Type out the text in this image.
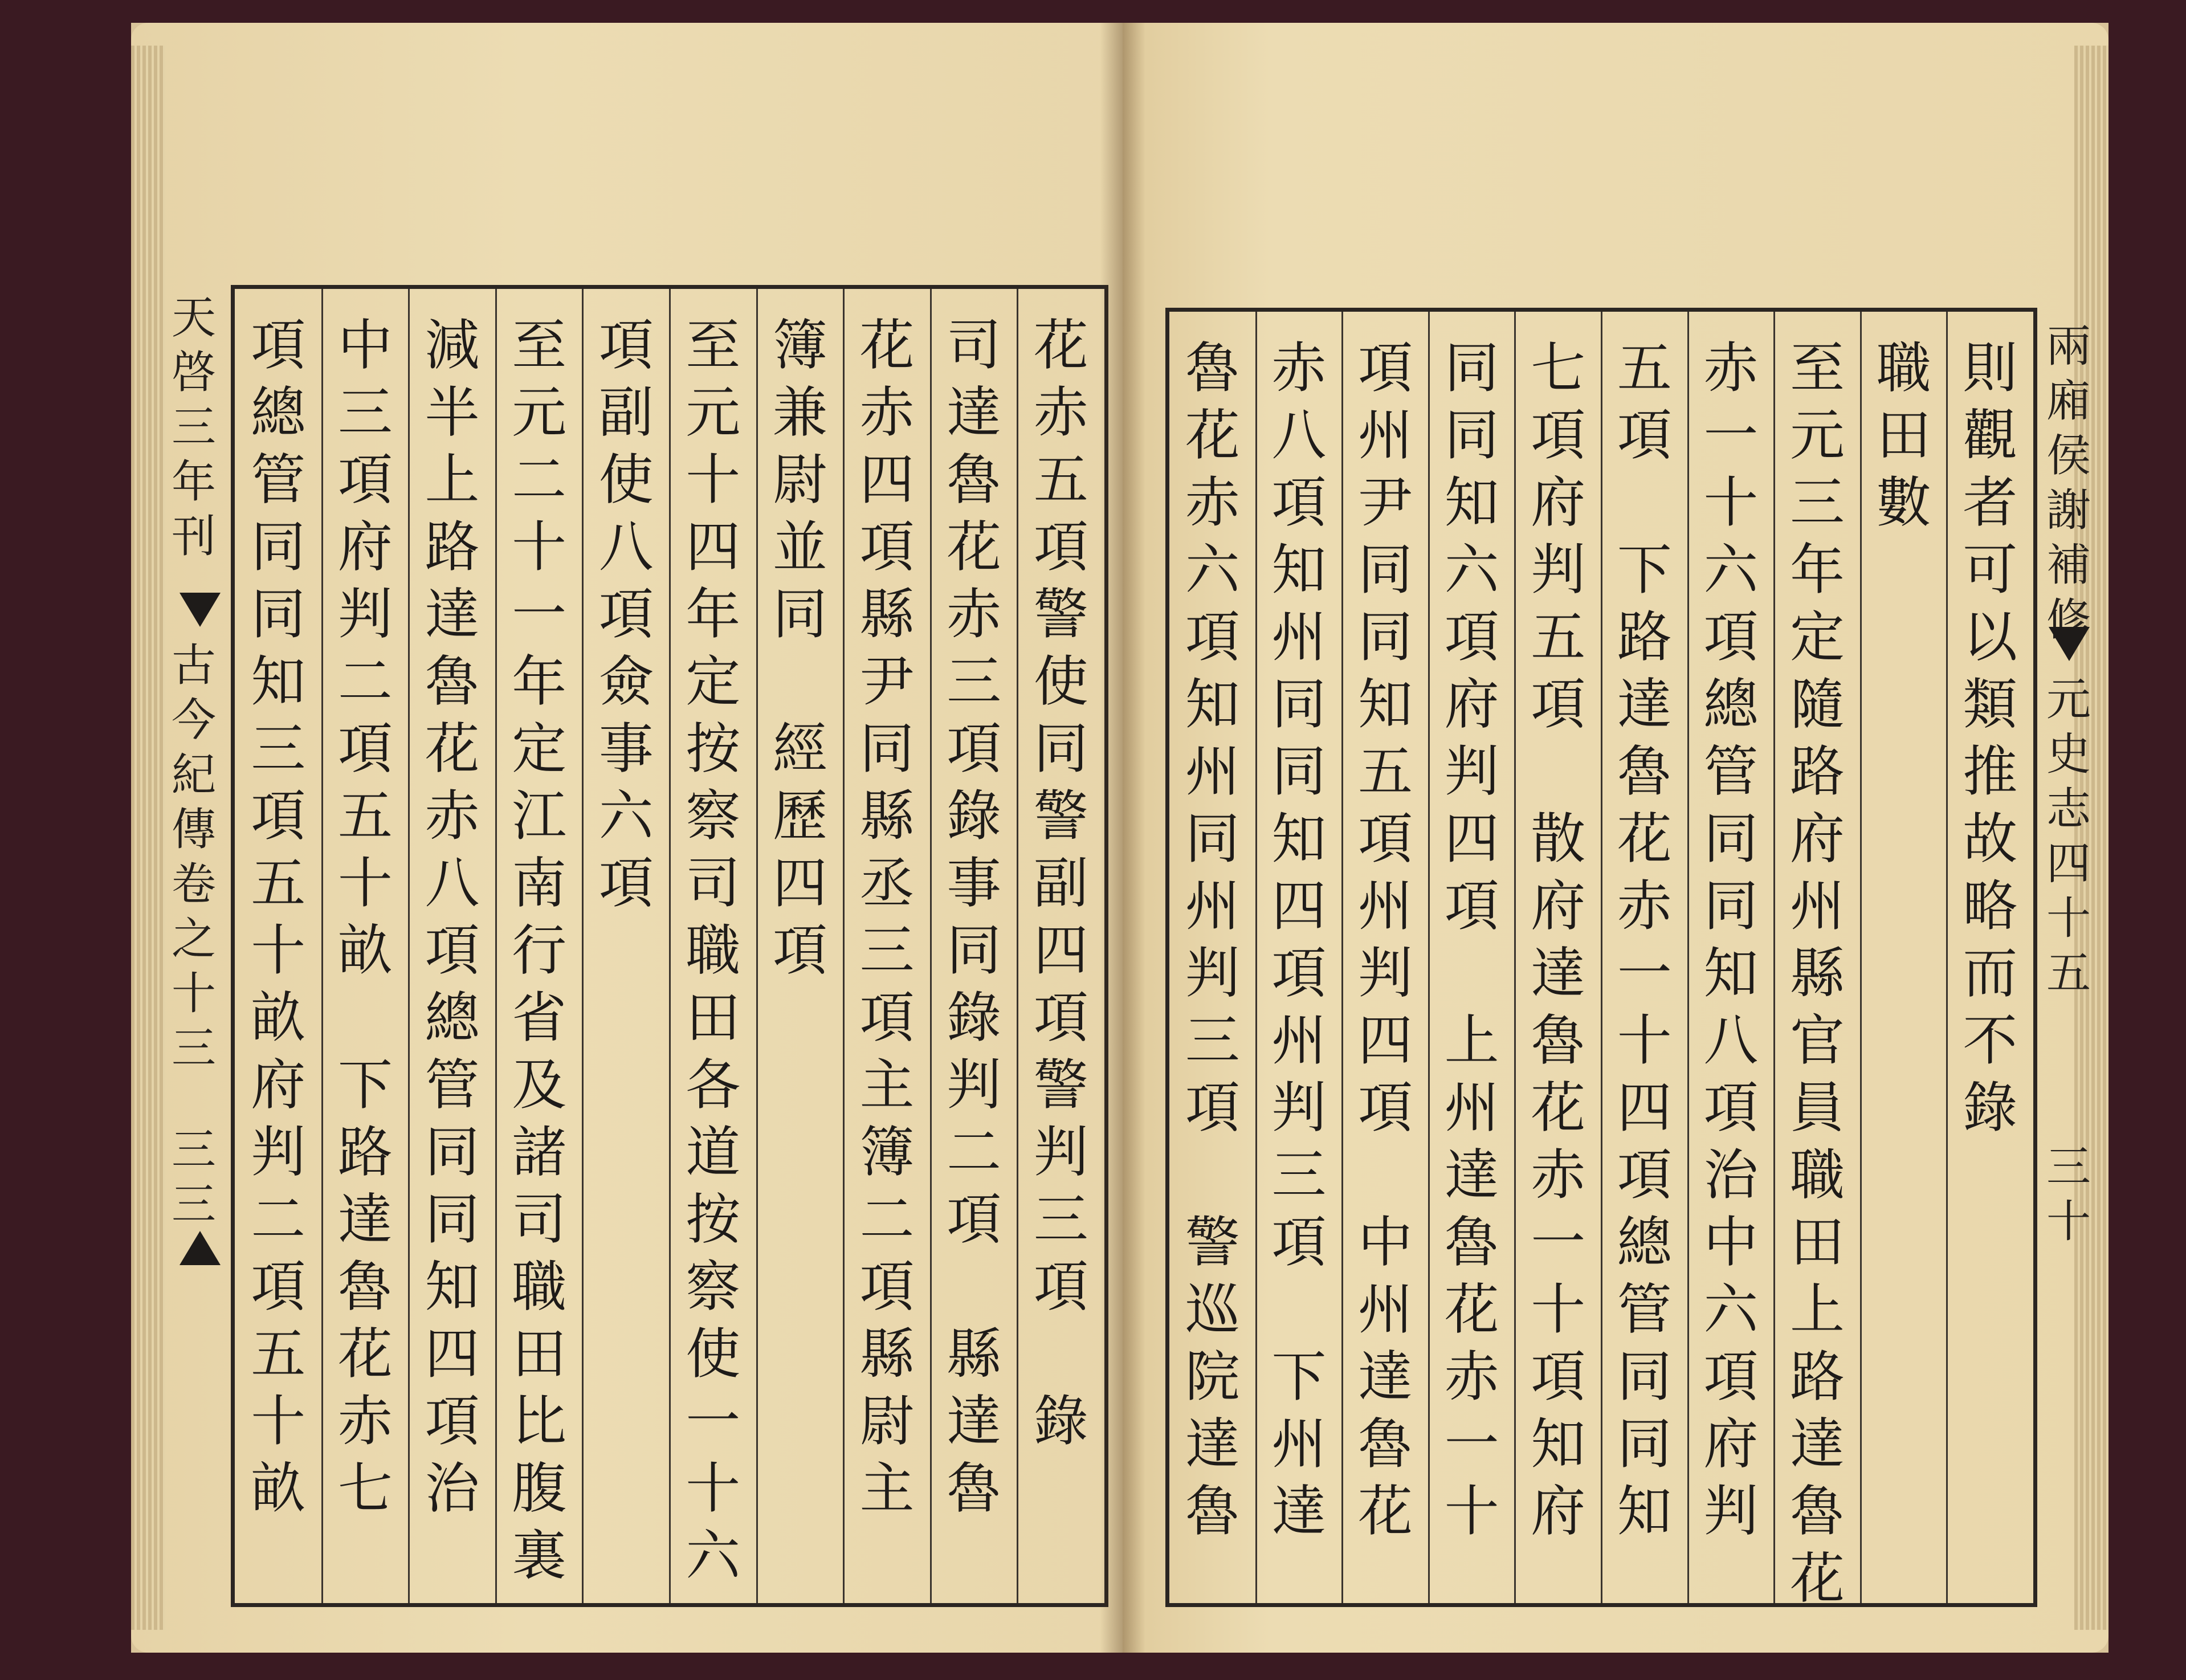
天
啓
三
年
刊
古
今
紀
傳
卷
之
十
三
三
三
花
赤
五
項
警
使
同
警
副
四
項
警
判
三
項

錄
司
達
魯
花
赤
三
項
錄
事
同
錄
判
二
項

縣
達
魯
花
赤
四
項
縣
尹
同
縣
丞
三
項
主
簿
二
項
縣
尉
主
簿
兼
尉
並
同

經
歷
四
項
至
元
十
四
年
定
按
察
司
職
田
各
道
按
察
使
一
十
六
項
副
使
八
項
僉
事
六
項
至
元
二
十
一
年
定
江
南
行
省
及
諸
司
職
田
比
腹
裏
減
半
上
路
達
魯
花
赤
八
項
總
管
同
同
知
四
項
治
中
三
項
府
判
二
項
五
十
畝

下
路
達
魯
花
赤
七
項
總
管
同
同
知
三
項
五
十
畝
府
判
二
項
五
十
畝
則
觀
者
可
以
類
推
故
略
而
不
錄
職
田
數
至
元
三
年
定
隨
路
府
州
縣
官
員
職
田
上
路
達
魯
花
赤
一
十
六
項
總
管
同
同
知
八
項
治
中
六
項
府
判
五
項

下
路
達
魯
花
赤
一
十
四
項
總
管
同
同
知
七
項
府
判
五
項

散
府
達
魯
花
赤
一
十
項
知
府
同
同
知
六
項
府
判
四
項

上
州
達
魯
花
赤
一
十
項
州
尹
同
同
知
五
項
州
判
四
項

中
州
達
魯
花
赤
八
項
知
州
同
同
知
四
項
州
判
三
項

下
州
達
魯
花
赤
六
項
知
州
同
州
判
三
項

警
巡
院
達
魯
兩
廂
侯
謝
補
修
元
史
志
四
十
五
三
十
